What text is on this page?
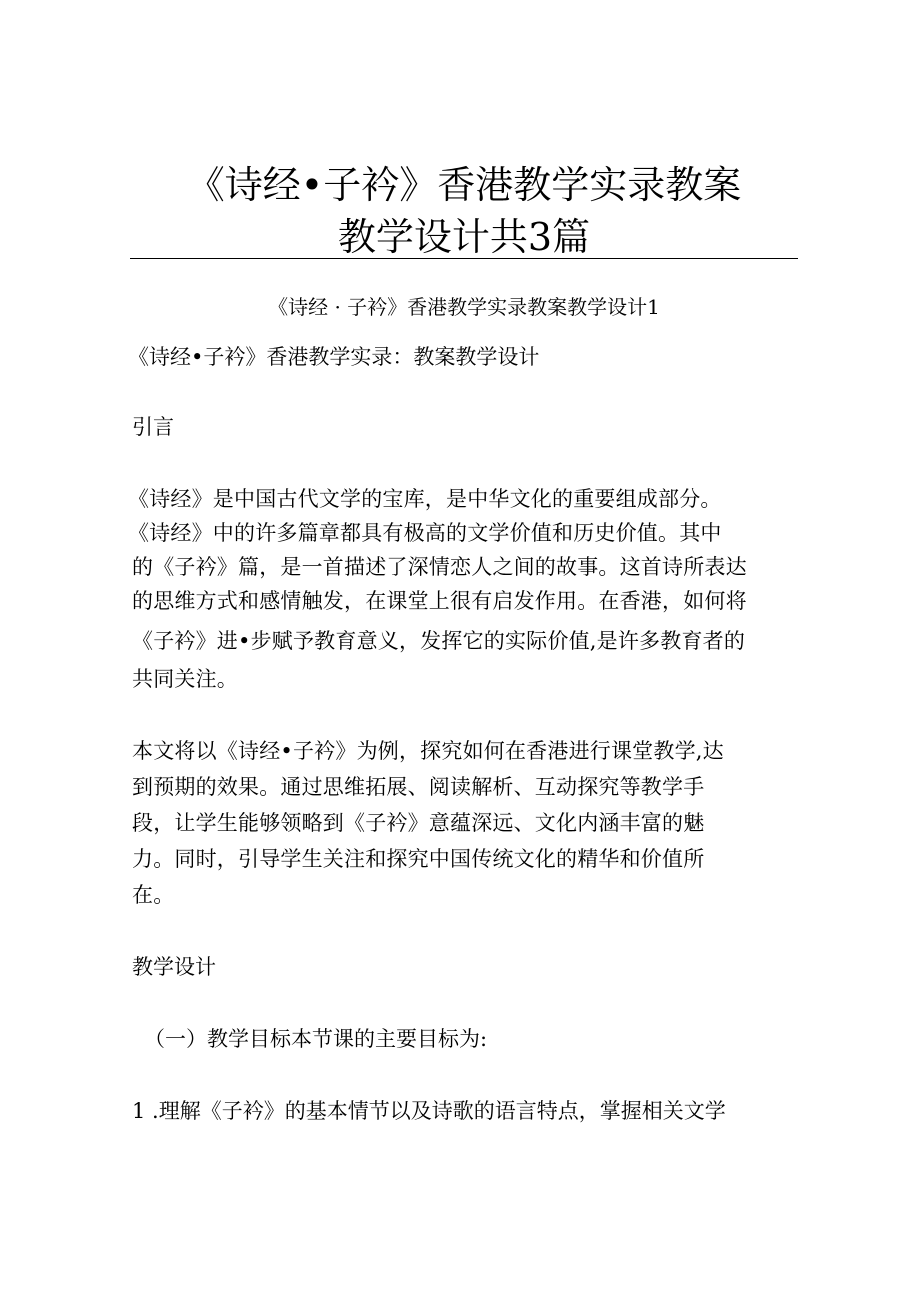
《诗经•子衿》香港教学实录教案
教学设计共3篇
《诗经 · 子衿》香港教学实录教案教学设计1
《诗经•子衿》香港教学实录：教案教学设计
引言
《诗经》是中国古代文学的宝库，是中华文化的重要组成部分。
《诗经》中的许多篇章都具有极高的文学价值和历史价值。其中
的《子衿》篇，是一首描述了深情恋人之间的故事。这首诗所表达
的思维方式和感情触发，在课堂上很有启发作用。在香港，如何将
《子衿》进•步赋予教育意义，发挥它的实际价值,是许多教育者的
共同关注。
本文将以《诗经•子衿》为例，探究如何在香港进行课堂教学,达
到预期的效果。通过思维拓展、阅读解析、互动探究等教学手
段，让学生能够领略到《子衿》意蕴深远、文化内涵丰富的魅
力。同时，引导学生关注和探究中国传统文化的精华和价值所
在。
教学设计
（一）教学目标本节课的主要目标为:
1 .理解《子衿》的基本情节以及诗歌的语言特点，掌握相关文学
